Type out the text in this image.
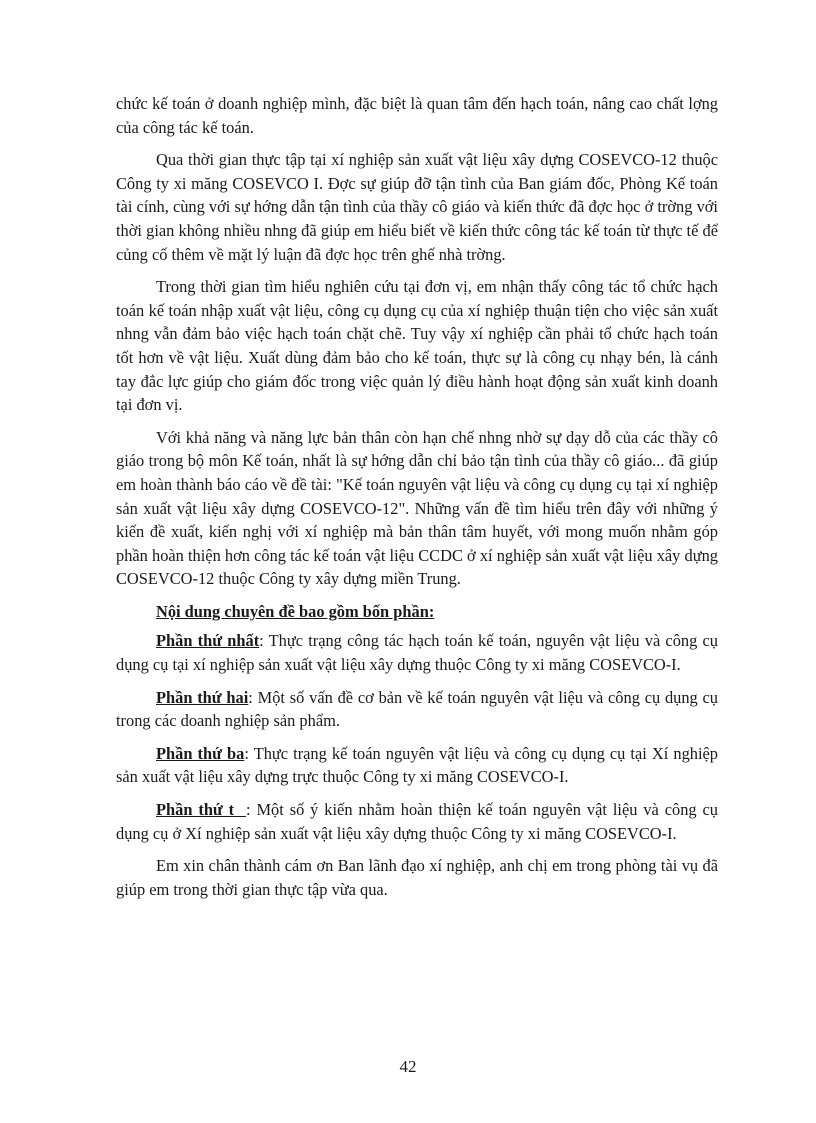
chức kế toán ở doanh nghiệp mình, đặc biệt là quan tâm đến hạch toán, nâng cao chất lợng của công tác kế toán.

Qua thời gian thực tập tại xí nghiệp sản xuất vật liệu xây dựng COSEVCO-12 thuộc Công ty xi măng COSEVCO I. Đợc sự giúp đỡ tận tình của Ban giám đốc, Phòng Kế toán tài cính, cùng với sự hớng dẫn tận tình của thầy cô giáo và kiến thức đã đợc học ở trờng với thời gian không nhiều nhng đã giúp em hiểu biết về kiến thức công tác kế toán từ thực tế để củng cố thêm về mặt lý luận đã đợc học trên ghế nhà trờng.

Trong thời gian tìm hiểu nghiên cứu tại đơn vị, em nhận thấy công tác tổ chức hạch toán kế toán nhập xuất vật liệu, công cụ dụng cụ của xí nghiệp thuận tiện cho việc sản xuất nhng vẫn đảm bảo việc hạch toán chặt chẽ. Tuy vậy xí nghiệp cần phải tổ chức hạch toán tốt hơn về vật liệu. Xuất dùng đảm bảo cho kế toán, thực sự là công cụ nhạy bén, là cánh tay đắc lực giúp cho giám đốc trong việc quản lý điều hành hoạt động sản xuất kinh doanh tại đơn vị.

Với khả năng và năng lực bản thân còn hạn chế nhng nhờ sự dạy dỗ của các thầy cô giáo trong bộ môn Kế toán, nhất là sự hớng dẫn chỉ bảo tận tình của thầy cô giáo... đã giúp em hoàn thành báo cáo về đề tài: "Kế toán nguyên vật liệu và công cụ dụng cụ tại xí nghiệp sản xuất vật liệu xây dựng COSEVCO-12". Những vấn đề tìm hiểu trên đây với những ý kiến đề xuất, kiến nghị với xí nghiệp mà bản thân tâm huyết, với mong muốn nhằm góp phần hoàn thiện hơn công tác kế toán vật liệu CCDC ở xí nghiệp sản xuất vật liệu xây dựng COSEVCO-12 thuộc Công ty xây dựng miền Trung.

Nội dung chuyên đề bao gồm bốn phần:

Phần thứ nhất: Thực trạng công tác hạch toán kế toán, nguyên vật liệu và công cụ dụng cụ tại xí nghiệp sản xuất vật liệu xây dựng thuộc Công ty xi măng COSEVCO-I.

Phần thứ hai: Một số vấn đề cơ bản về kế toán nguyên vật liệu và công cụ dụng cụ trong các doanh nghiệp sản phẩm.

Phần thứ ba: Thực trạng kế toán nguyên vật liệu và công cụ dụng cụ tại Xí nghiệp sản xuất vật liệu xây dựng trực thuộc Công ty xi măng COSEVCO-I.

Phần thứ t  : Một số ý kiến nhằm hoàn thiện kế toán nguyên vật liệu và công cụ dụng cụ ở Xí nghiệp sản xuất vật liệu xây dựng thuộc Công ty xi măng COSEVCO-I.

Em xin chân thành cám ơn Ban lãnh đạo xí nghiệp, anh chị em trong phòng tài vụ đã giúp em trong thời gian thực tập vừa qua.

42
